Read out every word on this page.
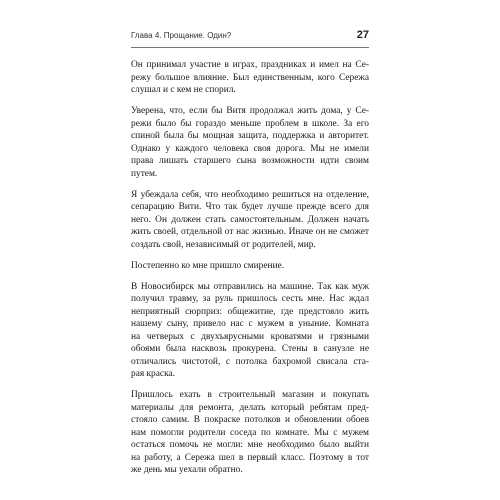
Глава 4. Прощание. Один?	27
Он принимал участие в играх, праздниках и имел на Се-
режу большое влияние. Был единственным, кого Сережа
слушал и с кем не спорил.
Уверена, что, если бы Витя продолжал жить дома, у Се-
режи было бы гораздо меньше проблем в школе. За его
спиной была бы мощная защита, поддержка и авторитет.
Однако у каждого человека своя дорога. Мы не имели
права лишать старшего сына возможности идти своим
путем.
Я убеждала себя, что необходимо решиться на отделение,
сепарацию Вити. Что так будет лучше прежде всего для
него. Он должен стать самостоятельным. Должен начать
жить своей, отдельной от нас жизнью. Иначе он не сможет
создать свой, независимый от родителей, мир.
Постепенно ко мне пришло смирение.
В Новосибирск мы отправились на машине. Так как муж
получил травму, за руль пришлось сесть мне. Нас ждал
неприятный сюрприз: общежитие, где предстояло жить
нашему сыну, привело нас с мужем в уныние. Комната
на четверых с двухъярусными кроватями и грязными
обоями была насквозь прокурена. Стены в санузле не
отличались чистотой, с потолка бахромой свисала ста-
рая краска.
Пришлось ехать в строительный магазин и покупать
материалы для ремонта, делать который ребятам пред-
стояло самим. В покраске потолков и обновлении обоев
нам помогли родители соседа по комнате. Мы с мужем
остаться помочь не могли: мне необходимо было выйти
на работу, а Сережа шел в первый класс. Поэтому в тот
же день мы уехали обратно.
